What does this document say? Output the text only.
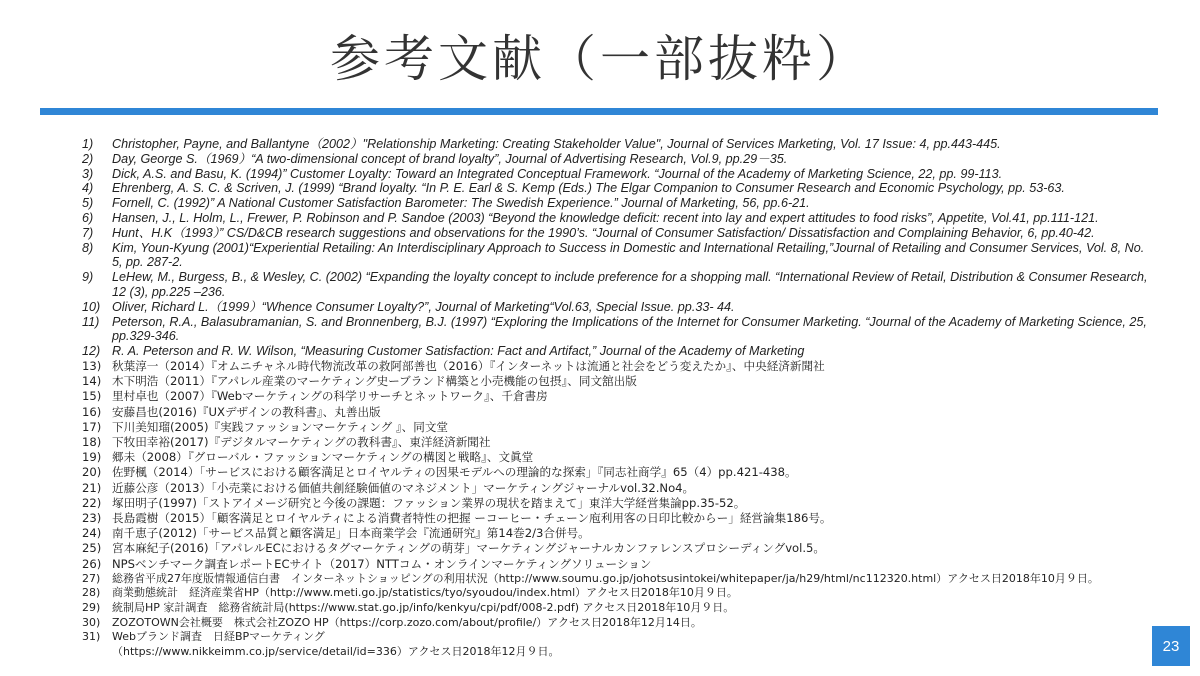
参考文献（一部抜粋）
1)	Christopher, Payne, and Ballantyne（2002）"Relationship Marketing: Creating Stakeholder Value", Journal of Services Marketing, Vol. 17 Issue: 4, pp.443-445.
2)	Day, George S.（1969）“A two-dimensional concept of brand loyalty”, Journal of Advertising Research, Vol.9, pp.29－35.
3)	Dick, A.S. and Basu, K. (1994)” Customer Loyalty: Toward an Integrated Conceptual Framework. “Journal of the Academy of Marketing Science, 22, pp. 99-113.
4)	Ehrenberg, A. S. C. & Scriven, J. (1999) “Brand loyalty. “In P. E. Earl & S. Kemp (Eds.) The Elgar Companion to Consumer Research and Economic Psychology, pp. 53-63.
5)	Fornell, C. (1992)” A National Customer Satisfaction Barometer: The Swedish Experience.” Journal of Marketing, 56, pp.6-21.
6)	Hansen, J., L. Holm, L., Frewer, P. Robinson and P. Sandoe (2003) “Beyond the knowledge deficit: recent into lay and expert attitudes to food risks”, Appetite, Vol.41, pp.111-121.
7)	Hunt、H.K（1993）” CS/D&CB research suggestions and observations for the 1990’s. “Journal of Consumer Satisfaction/ Dissatisfaction and Complaining Behavior, 6, pp.40-42.
8)	Kim, Youn-Kyung (2001)“Experiential Retailing: An Interdisciplinary Approach to Success in Domestic and International Retailing,”Journal of Retailing and Consumer Services, Vol. 8, No. 5, pp. 287-2.
9)	LeHew, M., Burgess, B., & Wesley, C. (2002) “Expanding the loyalty concept to include preference for a shopping mall. “International Review of Retail, Distribution & Consumer Research, 12 (3), pp.225 –236.
10) Oliver, Richard L.（1999）“Whence Consumer Loyalty?”, Journal of Marketing“Vol.63, Special Issue. pp.33- 44.
11)	Peterson, R.A., Balasubramanian, S. and Bronnenberg, B.J. (1997) “Exploring the Implications of the Internet for Consumer Marketing. “Journal of the Academy of Marketing Science, 25, pp.329-346.
12) R. A. Peterson and R. W. Wilson, “Measuring Customer Satisfaction: Fact and Artifact,” Journal of the Academy of Marketing
13) 秋葉淳一（2014）『オムニチャネル時代物流改革の救阿部善也（2016）『インターネットは流通と社会をどう変えたか』、中央経済新聞社
14) 木下明浩（2011）『アパレル産業のマーケティング史ーブランド構築と小売機能の包摂』、同文舘出版
15) 里村卓也（2007）『Webマーケティングの科学リサーチとネットワーク』、千倉書房
16) 安藤昌也(2016)『UXデザインの教科書』、丸善出版
17) 下川美知瑠(2005)『実践ファッションマーケティング 』、同文堂
18) 下牧田幸裕(2017)『デジタルマーケティングの教科書』、東洋経済新聞社
19) 郷未（2008）『グローバル・ファッションマーケティングの構図と戦略』、文眞堂
20) 佐野楓（2014）「サービスにおける顧客満足とロイヤルティの因果モデルへの理論的な探索」『同志社商学』65（4）pp.421-438。
21) 近藤公彦（2013）「小売業における価値共創経験価値のマネジメント」マーケティングジャーナルvol.32.No4。
22) 塚田明子(1997)「ストアイメージ研究と今後の課題：ファッション業界の現状を踏まえて」東洋大学経営集論pp.35-52。
23) 長島霞樹（2015）「顧客満足とロイヤルティによる消費者特性の把握 ーコーヒー・チェーン庖利用客の日印比較からー」経営論集186号。
24) 南千恵子(2012)「サービス品質と顧客満足」日本商業学会『流通研究』第14巻2/3合併号。
25) 宮本麻紀子(2016)「アパレルECにおけるタグマーケティングの萌芽」マーケティングジャーナルカンファレンスプロシーディングvol.5。
26) NPSベンチマーク調査レポートECサイト（2017）NTTコム・オンラインマーケティングソリューション
27)	総務省平成27年度版情報通信白書　インターネットショッピングの利用状況（http://www.soumu.go.jp/johotsusintokei/whitepaper/ja/h29/html/nc112320.html）アクセス日2018年10月９日。
28)	商業動態統計　経済産業省HP（http://www.meti.go.jp/statistics/tyo/syoudou/index.html）アクセス日2018年10月９日。
29)	統制局HP 家計調査　総務省統計局(https://www.stat.go.jp/info/kenkyu/cpi/pdf/008-2.pdf) アクセス日2018年10月９日。
30)	ZOZOTOWN会社概要　株式会社ZOZO HP（https://corp.zozo.com/about/profile/）アクセス日2018年12月14日。
31)	Webブランド調査　日経BPマーケティング
（https://www.nikkeimm.co.jp/service/detail/id=336）アクセス日2018年12月９日。	23
